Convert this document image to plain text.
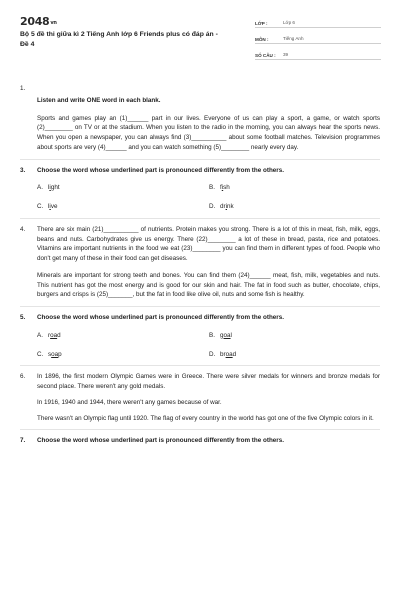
$2048^{vn}$
Bộ 5 đề thi giữa kì 2 Tiếng Anh lớp 6 Friends plus có đáp án - Đề 4
LỚP :	Lớp 6
MÔN :	Tiếng Anh
SỐ CÂU :	39
1.
Listen and write ONE word in each blank.
Sports and games play an (1)______ part in our lives. Everyone of us can play a sport, a game, or watch sports (2)________ on TV or at the stadium. When you listen to the radio in the morning, you can always hear the sports news. When you open a newspaper, you can always find (3)__________ about some football matches. Television programmes about sports are very (4)______ and you can watch something (5)________ nearly every day.
3. Choose the word whose underlined part is pronounced differently from the others.
A. light	B. fish
C. live	D. drink
4.	There are six main (21)__________ of nutrients. Protein makes you strong. There is a lot of this in meat, fish, milk, eggs, beans and nuts. Carbohydrates give us energy. There (22)________ a lot of these in bread, pasta, rice and potatoes. Vitamins are important nutrients in the food we eat (23)________ you can find them in different types of food. People who don't get many of these in their food can get diseases.
Minerals are important for strong teeth and bones. You can find them (24)______ meat, fish, milk, vegetables and nuts. This nutrient has got the most energy and is good for our skin and hair. The fat in food such as butter, chocolate, chips, burgers and crisps is (25)_______, but the fat in food like olive oil, nuts and some fish is healthy.
5. Choose the word whose underlined part is pronounced differently from the others.
A. road	B. goal
C. soap	D. broad
6.	In 1896, the first modern Olympic Games were in Greece. There were silver medals for winners and bronze medals for second place. There weren't any gold medals.
In 1916, 1940 and 1944, there weren't any games because of war.
There wasn't an Olympic flag until 1920. The flag of every country in the world has got one of the five Olympic colors in it.
7. Choose the word whose underlined part is pronounced differently from the others.
